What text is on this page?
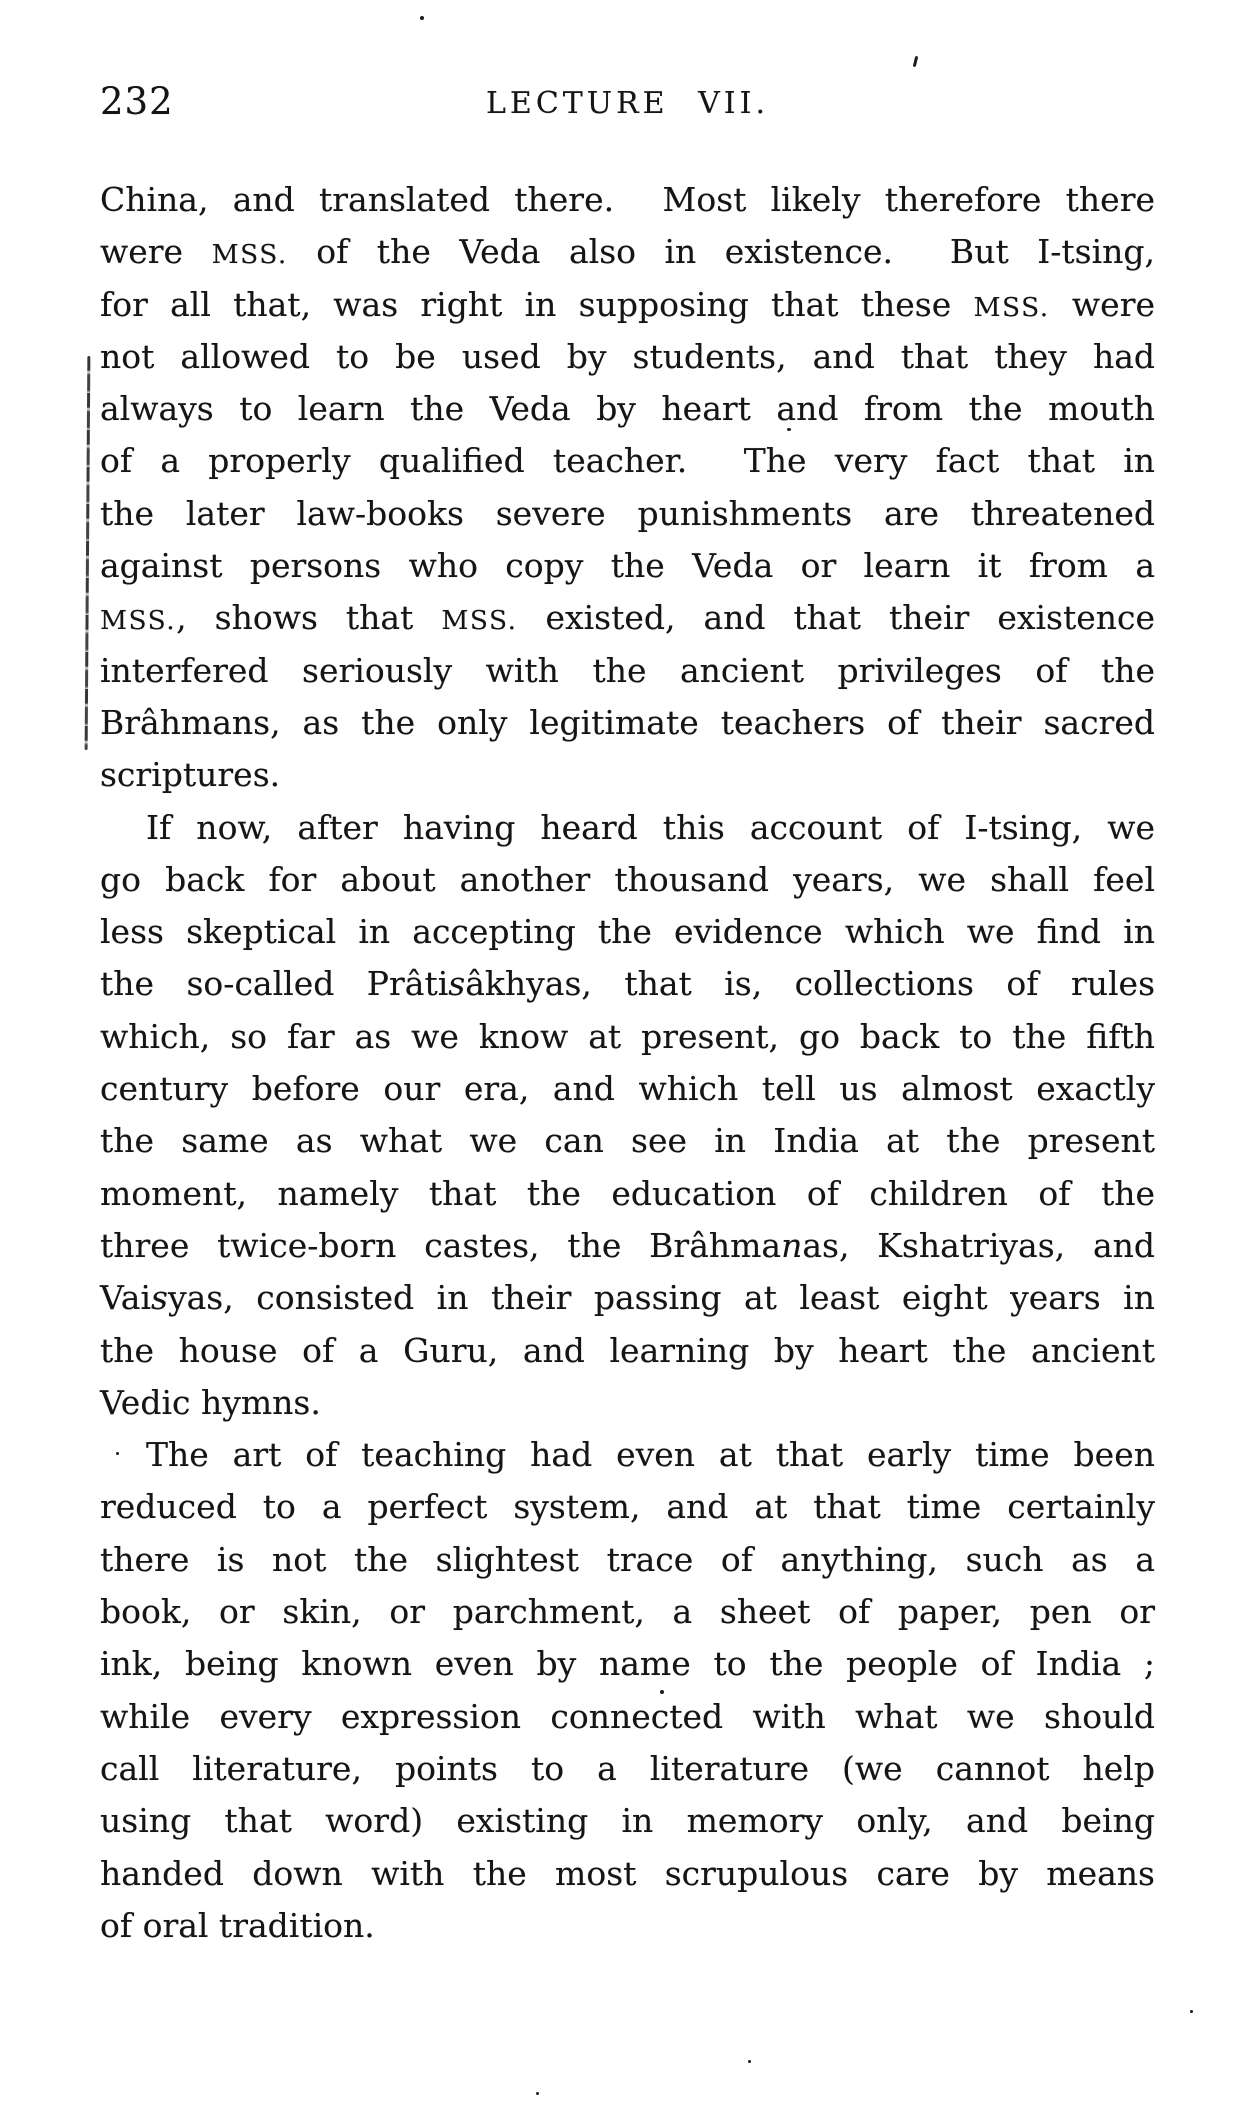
232	LECTURE VII.
China, and translated there.  Most likely therefore there
were MSS. of the Veda also in existence.  But I-tsing,
for all that, was right in supposing that these MSS. were
not allowed to be used by students, and that they had
always to learn the Veda by heart and from the mouth
of a properly qualified teacher.  The very fact that in
the later law-books severe punishments are threatened
against persons who copy the Veda or learn it from a
MSS., shows that MSS. existed, and that their existence
interfered seriously with the ancient privileges of the
Brâhmans, as the only legitimate teachers of their sacred
scriptures.
If now, after having heard this account of I-tsing, we
go back for about another thousand years, we shall feel
less skeptical in accepting the evidence which we find in
the so-called Prâtisâkhyas, that is, collections of rules
which, so far as we know at present, go back to the fifth
century before our era, and which tell us almost exactly
the same as what we can see in India at the present
moment, namely that the education of children of the
three twice-born castes, the Brâhmanas, Kshatriyas, and
Vaisyas, consisted in their passing at least eight years in
the house of a Guru, and learning by heart the ancient
Vedic hymns.
The art of teaching had even at that early time been
reduced to a perfect system, and at that time certainly
there is not the slightest trace of anything, such as a
book, or skin, or parchment, a sheet of paper, pen or
ink, being known even by name to the people of India ;
while every expression connected with what we should
call literature, points to a literature (we cannot help
using that word) existing in memory only, and being
handed down with the most scrupulous care by means
of oral tradition.
